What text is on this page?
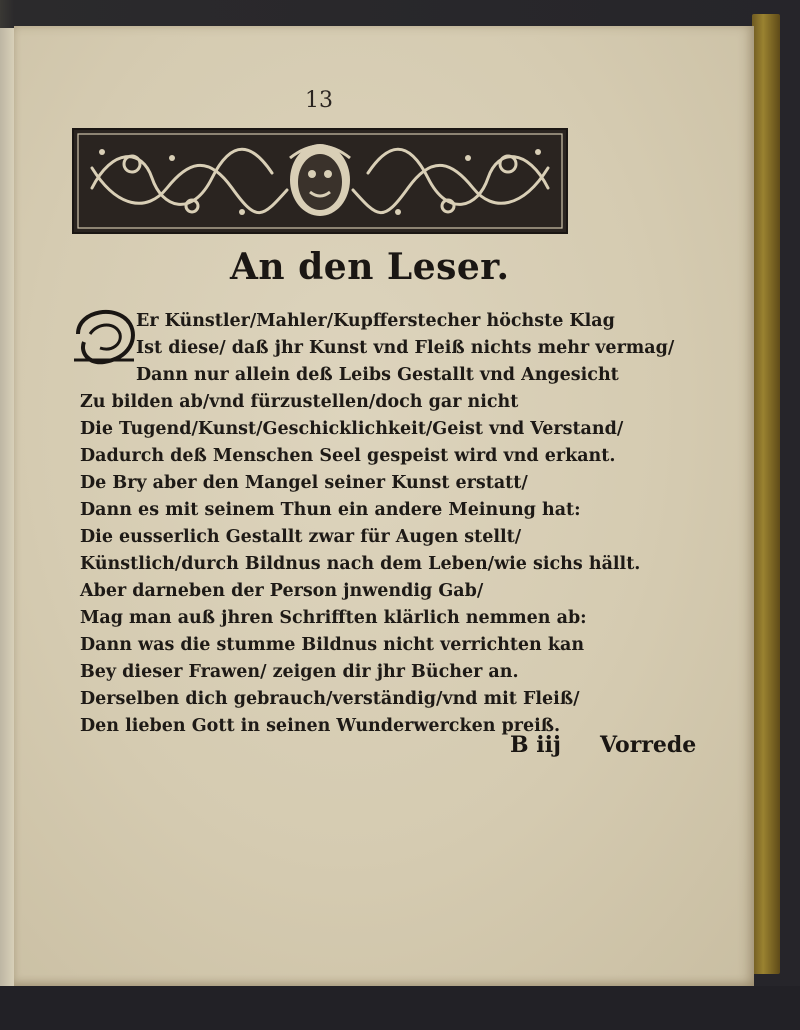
13
An den Leser.
Er Künstler/Mahler/Kupfferstecher höchste Klag
Ist diese/ daß jhr Kunst vnd Fleiß nichts mehr vermag/
Dann nur allein deß Leibs Gestallt vnd Angesicht
Zu bilden ab/vnd fürzustellen/doch gar nicht
Die Tugend/Kunst/Geschicklichkeit/Geist vnd Verstand/
Dadurch deß Menschen Seel gespeist wird vnd erkant.
De Bry aber den Mangel seiner Kunst erstatt/
Dann es mit seinem Thun ein andere Meinung hat:
Die eusserlich Gestallt zwar für Augen stellt/
Künstlich/durch Bildnus nach dem Leben/wie sichs hällt.
Aber darneben der Person jnwendig Gab/
Mag man auß jhren Schrifften klärlich nemmen ab:
Dann was die stumme Bildnus nicht verrichten kan
Bey dieser Frawen/ zeigen dir jhr Bücher an.
Derselben dich gebrauch/verständig/vnd mit Fleiß/
Den lieben Gott in seinen Wunderwercken preiß.
B iij Vorrede
